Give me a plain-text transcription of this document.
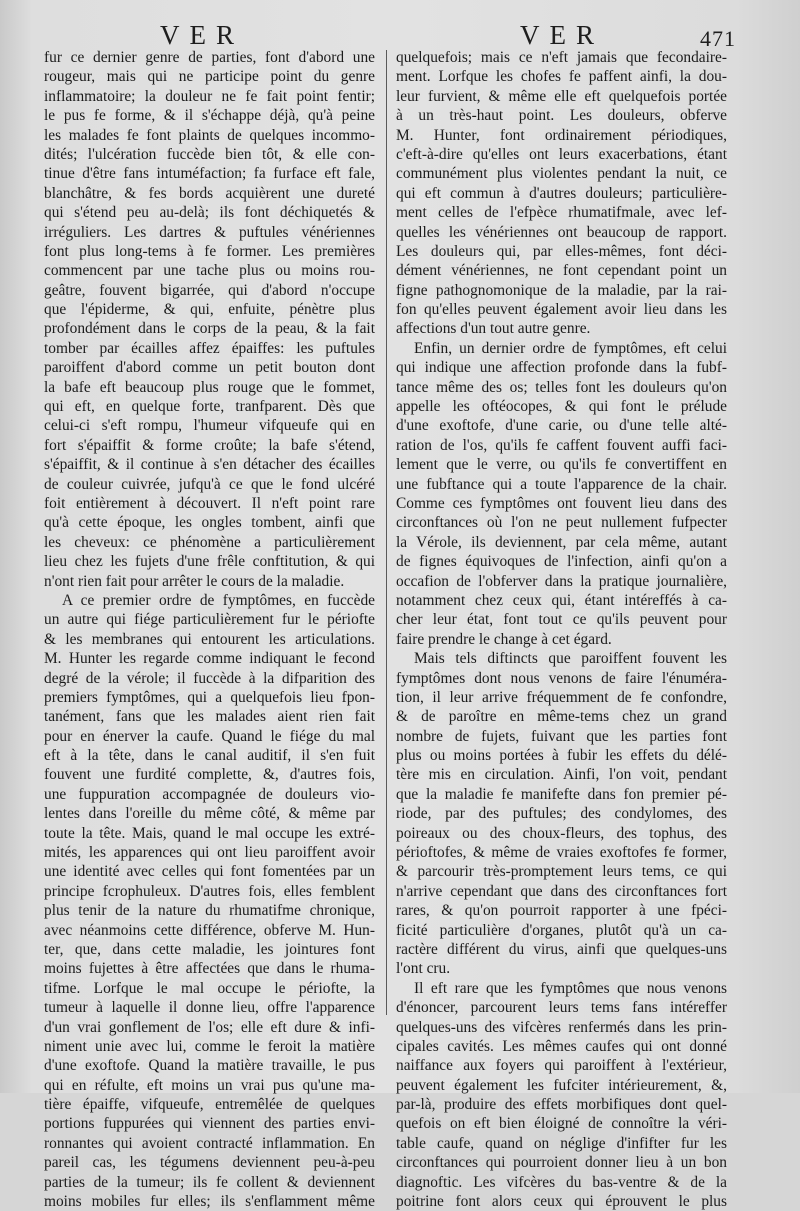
VER	VER	471
fur ce dernier genre de parties, font d'abord une
rougeur, mais qui ne participe point du genre
inflammatoire; la douleur ne fe fait point fentir;
le pus fe forme, & il s'échappe déjà, qu'à peine
les malades fe font plaints de quelques incommo-
dités; l'ulcération fuccède bien tôt, & elle con-
tinue d'être fans intuméfaction; fa furface eft fale,
blanchâtre, & fes bords acquièrent une dureté
qui s'étend peu au-delà; ils font déchiquetés &
irréguliers. Les dartres & puftules vénériennes
font plus long-tems à fe former. Les premières
commencent par une tache plus ou moins rou-
geâtre, fouvent bigarrée, qui d'abord n'occupe
que l'épiderme, & qui, enfuite, pénètre plus
profondément dans le corps de la peau, & la fait
tomber par écailles affez épaiffes: les puftules
paroiffent d'abord comme un petit bouton dont
la bafe eft beaucoup plus rouge que le fommet,
qui eft, en quelque forte, tranfparent. Dès que
celui-ci s'eft rompu, l'humeur vifqueufe qui en
fort s'épaiffit & forme croûte; la bafe s'étend,
s'épaiffit, & il continue à s'en détacher des écailles
de couleur cuivrée, jufqu'à ce que le fond ulcéré
foit entièrement à découvert. Il n'eft point rare
qu'à cette époque, les ongles tombent, ainfi que
les cheveux: ce phénomène a particulièrement
lieu chez les fujets d'une frêle conftitution, & qui
n'ont rien fait pour arrêter le cours de la maladie.
A ce premier ordre de fymptômes, en fuccède
un autre qui fiége particulièrement fur le périofte
& les membranes qui entourent les articulations.
M. Hunter les regarde comme indiquant le fecond
degré de la vérole; il fuccède à la difparition des
premiers fymptômes, qui a quelquefois lieu fpon-
tanément, fans que les malades aient rien fait
pour en énerver la caufe. Quand le fiége du mal
eft à la tête, dans le canal auditif, il s'en fuit
fouvent une furdité complette, &, d'autres fois,
une fuppuration accompagnée de douleurs vio-
lentes dans l'oreille du même côté, & même par
toute la tête. Mais, quand le mal occupe les extré-
mités, les apparences qui ont lieu paroiffent avoir
une identité avec celles qui font fomentées par un
principe fcrophuleux. D'autres fois, elles femblent
plus tenir de la nature du rhumatifme chronique,
avec néanmoins cette différence, obferve M. Hun-
ter, que, dans cette maladie, les jointures font
moins fujettes à être affectées que dans le rhuma-
tifme. Lorfque le mal occupe le périofte, la
tumeur à laquelle il donne lieu, offre l'apparence
d'un vrai gonflement de l'os; elle eft dure & infi-
niment unie avec lui, comme le feroit la matière
d'une exoftofe. Quand la matière travaille, le pus
qui en réfulte, eft moins un vrai pus qu'une ma-
tière épaiffe, vifqueufe, entremêlée de quelques
portions fuppurées qui viennent des parties envi-
ronnantes qui avoient contracté inflammation. En
pareil cas, les tégumens deviennent peu-à-peu
parties de la tumeur; ils fe collent & deviennent
moins mobiles fur elles; ils s'enflamment même
quelquefois; mais ce n'eft jamais que fecondaire-
ment. Lorfque les chofes fe paffent ainfi, la dou-
leur furvient, & même elle eft quelquefois portée
à un très-haut point. Les douleurs, obferve
M. Hunter, font ordinairement périodiques,
c'eft-à-dire qu'elles ont leurs exacerbations, étant
communément plus violentes pendant la nuit, ce
qui eft commun à d'autres douleurs; particulière-
ment celles de l'efpèce rhumatifmale, avec lef-
quelles les vénériennes ont beaucoup de rapport.
Les douleurs qui, par elles-mêmes, font déci-
dément vénériennes, ne font cependant point un
figne pathognomonique de la maladie, par la rai-
fon qu'elles peuvent également avoir lieu dans les
affections d'un tout autre genre.
Enfin, un dernier ordre de fymptômes, eft celui
qui indique une affection profonde dans la fubf-
tance même des os; telles font les douleurs qu'on
appelle les oftéocopes, & qui font le prélude
d'une exoftofe, d'une carie, ou d'une telle alté-
ration de l'os, qu'ils fe caffent fouvent auffi faci-
lement que le verre, ou qu'ils fe convertiffent en
une fubftance qui a toute l'apparence de la chair.
Comme ces fymptômes ont fouvent lieu dans des
circonftances où l'on ne peut nullement fufpecter
la Vérole, ils deviennent, par cela même, autant
de fignes équivoques de l'infection, ainfi qu'on a
occafion de l'obferver dans la pratique journalière,
notamment chez ceux qui, étant intéreffés à ca-
cher leur état, font tout ce qu'ils peuvent pour
faire prendre le change à cet égard.
Mais tels diftincts que paroiffent fouvent les
fymptômes dont nous venons de faire l'énuméra-
tion, il leur arrive fréquemment de fe confondre,
& de paroître en même-tems chez un grand
nombre de fujets, fuivant que les parties font
plus ou moins portées à fubir les effets du délé-
tère mis en circulation. Ainfi, l'on voit, pendant
que la maladie fe manifefte dans fon premier pé-
riode, par des puftules; des condylomes, des
poireaux ou des choux-fleurs, des tophus, des
périoftofes, & même de vraies exoftofes fe former,
& parcourir très-promptement leurs tems, ce qui
n'arrive cependant que dans des circonftances fort
rares, & qu'on pourroit rapporter à une fpéci-
ficité particulière d'organes, plutôt qu'à un ca-
ractère différent du virus, ainfi que quelques-uns
l'ont cru.
Il eft rare que les fymptômes que nous venons
d'énoncer, parcourent leurs tems fans intéreffer
quelques-uns des vifcères renfermés dans les prin-
cipales cavités. Les mêmes caufes qui ont donné
naiffance aux foyers qui paroiffent à l'extérieur,
peuvent également les fufciter intérieurement, &,
par-là, produire des effets morbifiques dont quel-
quefois on eft bien éloigné de connoître la véri-
table caufe, quand on néglige d'infifter fur les
circonftances qui pourroient donner lieu à un bon
diagnoftic. Les vifcères du bas-ventre & de la
poitrine font alors ceux qui éprouvent le plus
